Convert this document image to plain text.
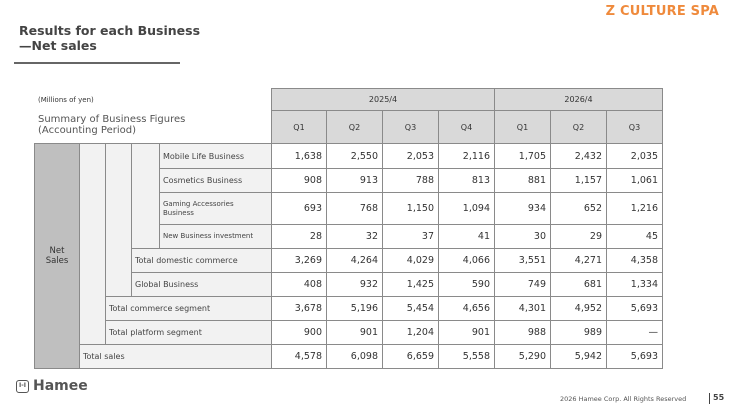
Results for each Business
—Net sales
Z CULTURE SPA
(Millions of yen)
Summary of Business Figures
(Accounting Period)
2025/4	2026/4
Q1	Q2	Q3	Q4	Q1	Q2	Q3
Net
Sales
Mobile Life Business	1,638	2,550	2,053	2,116	1,705	2,432	2,035
Cosmetics Business	908	913	788	813	881	1,157	1,061
Gaming Accessories
Business	693	768	1,150	1,094	934	652	1,216
New Business investment	28	32	37	41	30	29	45
Total domestic commerce	3,269	4,264	4,029	4,066	3,551	4,271	4,358
Global Business	408	932	1,425	590	749	681	1,334
Total commerce segment	3,678	5,196	5,454	4,656	4,301	4,952	5,693
Total platform segment	900	901	1,204	901	988	989	—
Total sales	4,578	6,098	6,659	5,558	5,290	5,942	5,693
I-I Hamee
2026 Hamee Corp. All Rights Reserved	55
